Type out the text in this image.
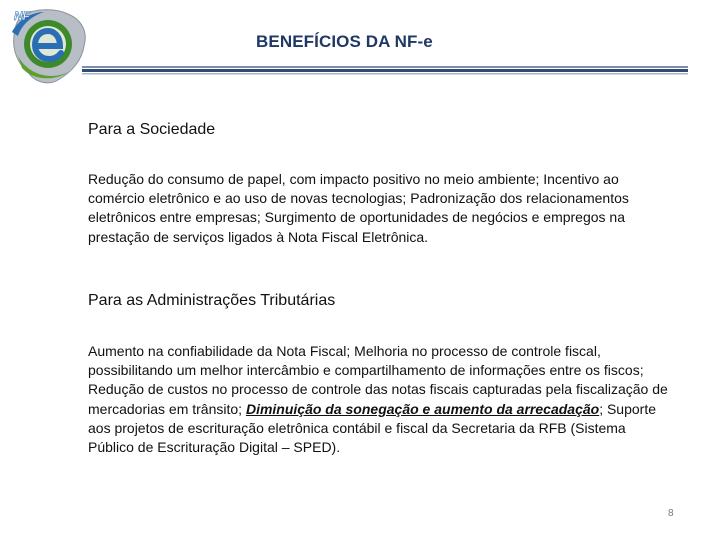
NF
BENEFÍCIOS DA NF-e

Para a Sociedade

Redução do consumo de papel, com impacto positivo no meio ambiente; Incentivo ao comércio eletrônico e ao uso de novas tecnologias; Padronização dos relacionamentos eletrônicos entre empresas; Surgimento de oportunidades de negócios e empregos na prestação de serviços ligados à Nota Fiscal Eletrônica.

Para as Administrações Tributárias

Aumento na confiabilidade da Nota Fiscal; Melhoria no processo de controle fiscal, possibilitando um melhor intercâmbio e compartilhamento de informações entre os fiscos; Redução de custos no processo de controle das notas fiscais capturadas pela fiscalização de mercadorias em trânsito; Diminuição da sonegação e aumento da arrecadação; Suporte aos projetos de escrituração eletrônica contábil e fiscal da Secretaria da RFB (Sistema Público de Escrituração Digital – SPED).

8
